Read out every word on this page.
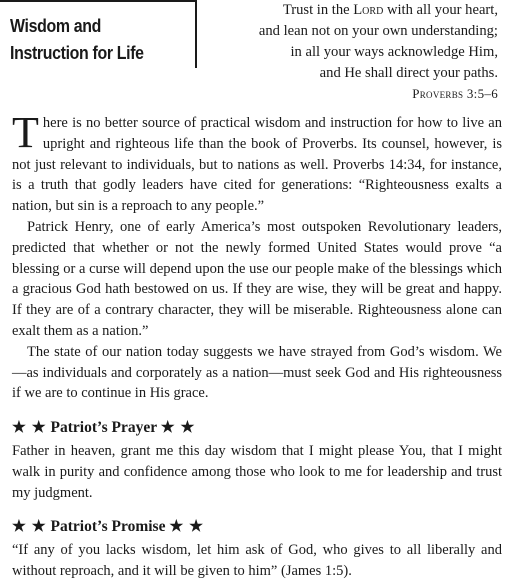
Wisdom and
Instruction for Life
Trust in the Lord with all your heart,
and lean not on your own understanding;
in all your ways acknowledge Him,
and He shall direct your paths.
Proverbs 3:5–6

There is no better source of practical wisdom and instruction for how to live an upright and righteous life than the book of Proverbs. Its counsel, however, is not just relevant to individuals, but to nations as well. Proverbs 14:34, for instance, is a truth that godly leaders have cited for generations: “Righteousness exalts a nation, but sin is a reproach to any people.”

Patrick Henry, one of early America’s most outspoken Revolutionary leaders, predicted that whether or not the newly formed United States would prove “a blessing or a curse will depend upon the use our people make of the blessings which a gracious God hath bestowed on us. If they are wise, they will be great and happy. If they are of a contrary character, they will be miserable. Righteousness alone can exalt them as a nation.”

The state of our nation today suggests we have strayed from God’s wisdom. We—as individuals and corporately as a nation—must seek God and His righteousness if we are to continue in His grace.

★ ★ Patriot’s Prayer ★ ★

Father in heaven, grant me this day wisdom that I might please You, that I might walk in purity and confidence among those who look to me for leadership and trust my judgment.

★ ★ Patriot’s Promise ★ ★

“If any of you lacks wisdom, let him ask of God, who gives to all liberally and without reproach, and it will be given to him” (James 1:5).
